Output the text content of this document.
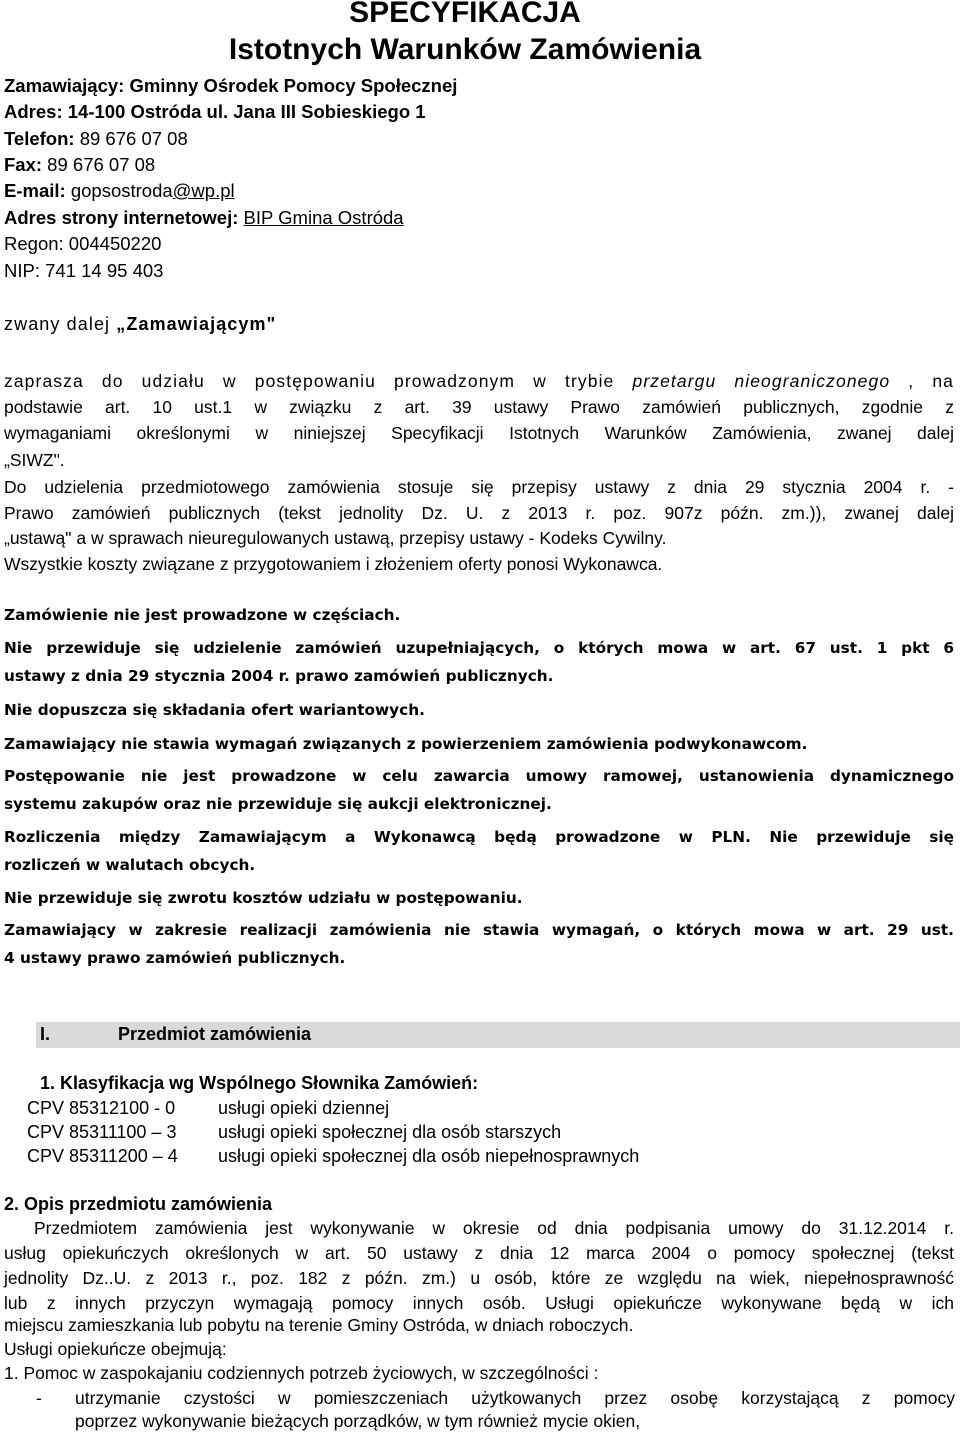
SPECYFIKACJA
Istotnych Warunków Zamówienia
Zamawiający: Gminny Ośrodek Pomocy Społecznej
Adres: 14-100 Ostróda ul. Jana III Sobieskiego 1
Telefon: 89 676 07 08
Fax: 89 676 07 08
E-mail: gopsostroda@wp.pl
Adres strony internetowej: BIP Gmina Ostróda
Regon: 004450220
NIP: 741 14 95 403
zwany dalej „Zamawiającym"
zaprasza do udziału w postępowaniu prowadzonym w trybie przetargu nieograniczonego , na
podstawie art. 10 ust.1 w związku z art. 39 ustawy Prawo zamówień publicznych, zgodnie z
wymaganiami określonymi w niniejszej Specyfikacji Istotnych Warunków Zamówienia, zwanej dalej
„SIWZ".
Do udzielenia przedmiotowego zamówienia stosuje się przepisy ustawy z dnia 29 stycznia 2004 r. -
Prawo zamówień publicznych (tekst jednolity Dz. U. z 2013 r. poz. 907z późn. zm.)), zwanej dalej
„ustawą" a w sprawach nieuregulowanych ustawą, przepisy ustawy - Kodeks Cywilny.
Wszystkie koszty związane z przygotowaniem i złożeniem oferty ponosi Wykonawca.
Zamówienie nie jest prowadzone w częściach.
Nie przewiduje się udzielenie zamówień uzupełniających, o których mowa w art. 67 ust. 1 pkt 6
ustawy z dnia 29 stycznia 2004 r. prawo zamówień publicznych.
Nie dopuszcza się składania ofert wariantowych.
Zamawiający nie stawia wymagań związanych z powierzeniem zamówienia podwykonawcom.
Postępowanie nie jest prowadzone w celu zawarcia umowy ramowej, ustanowienia dynamicznego
systemu zakupów oraz nie przewiduje się aukcji elektronicznej.
Rozliczenia między Zamawiającym a Wykonawcą będą prowadzone w PLN. Nie przewiduje się
rozliczeń w walutach obcych.
Nie przewiduje się zwrotu kosztów udziału w postępowaniu.
Zamawiający w zakresie realizacji zamówienia nie stawia wymagań, o których mowa w art. 29 ust.
4 ustawy prawo zamówień publicznych.
I.	Przedmiot zamówienia
1. Klasyfikacja wg Wspólnego Słownika Zamówień:
CPV 85312100 - 0 usługi opieki dziennej
CPV 85311100 – 3 usługi opieki społecznej dla osób starszych
CPV 85311200 – 4 usługi opieki społecznej dla osób niepełnosprawnych
2. Opis przedmiotu zamówienia
Przedmiotem zamówienia jest wykonywanie w okresie od dnia podpisania umowy do 31.12.2014 r.
usług opiekuńczych określonych w art. 50 ustawy z dnia 12 marca 2004 o pomocy społecznej (tekst
jednolity Dz..U. z 2013 r., poz. 182 z późn. zm.) u osób, które ze względu na wiek, niepełnosprawność
lub z innych przyczyn wymagają pomocy innych osób. Usługi opiekuńcze wykonywane będą w ich
miejscu zamieszkania lub pobytu na terenie Gminy Ostróda, w dniach roboczych.
Usługi opiekuńcze obejmują:
1. Pomoc w zaspokajaniu codziennych potrzeb życiowych, w szczególności :
- utrzymanie czystości w pomieszczeniach użytkowanych przez osobę korzystającą z pomocy
poprzez wykonywanie bieżących porządków, w tym również mycie okien,
